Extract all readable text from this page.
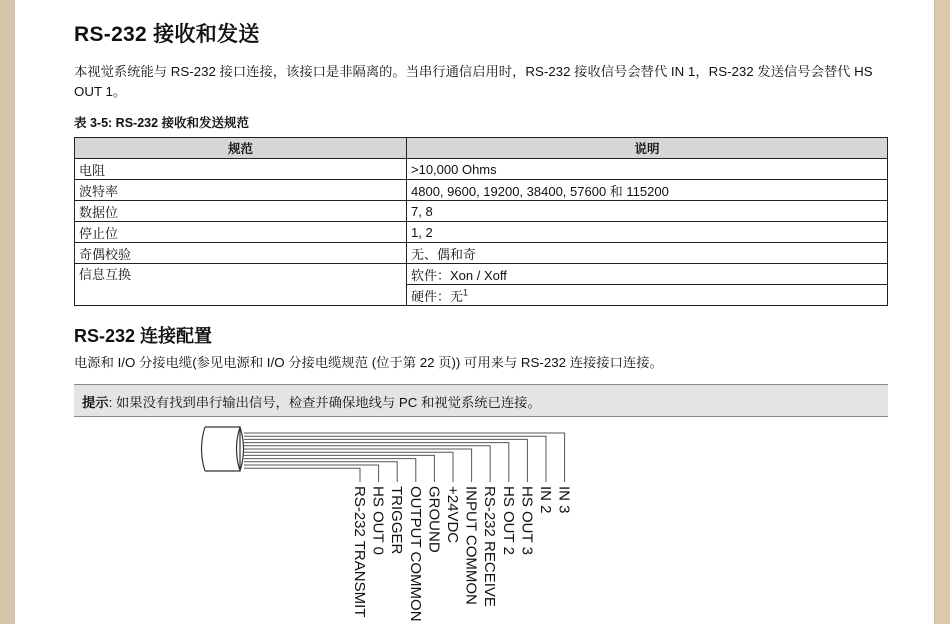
RS-232 接收和发送

本视觉系统能与 RS-232 接口连接，该接口是非隔离的。当串行通信启用时，RS-232 接收信号会替代 IN 1，RS-232 发送信号会替代 HS OUT 1。

表 3-5: RS-232 接收和发送规范

规范	说明
电阻	>10,000 Ohms
波特率	4800, 9600, 19200, 38400, 57600 和 115200
数据位	7, 8
停止位	1, 2
奇偶校验	无、偶和奇
信息互换	软件：Xon / Xoff
	硬件：无$^1$
RS-232 连接配置

电源和 I/O 分接电缆(参见电源和 I/O 分接电缆规范 (位于第 22 页)) 可用来与 RS-232 连接接口连接。

提示: 如果没有找到串行输出信号，检查并确保地线与 PC 和视觉系统已连接。
RS-232 TRANSMIT HS OUT 0 TRIGGER OUTPUT COMMON GROUND +24VDC INPUT COMMON RS-232 RECEIVE HS OUT 2 HS OUT 3 IN 2 IN 3
